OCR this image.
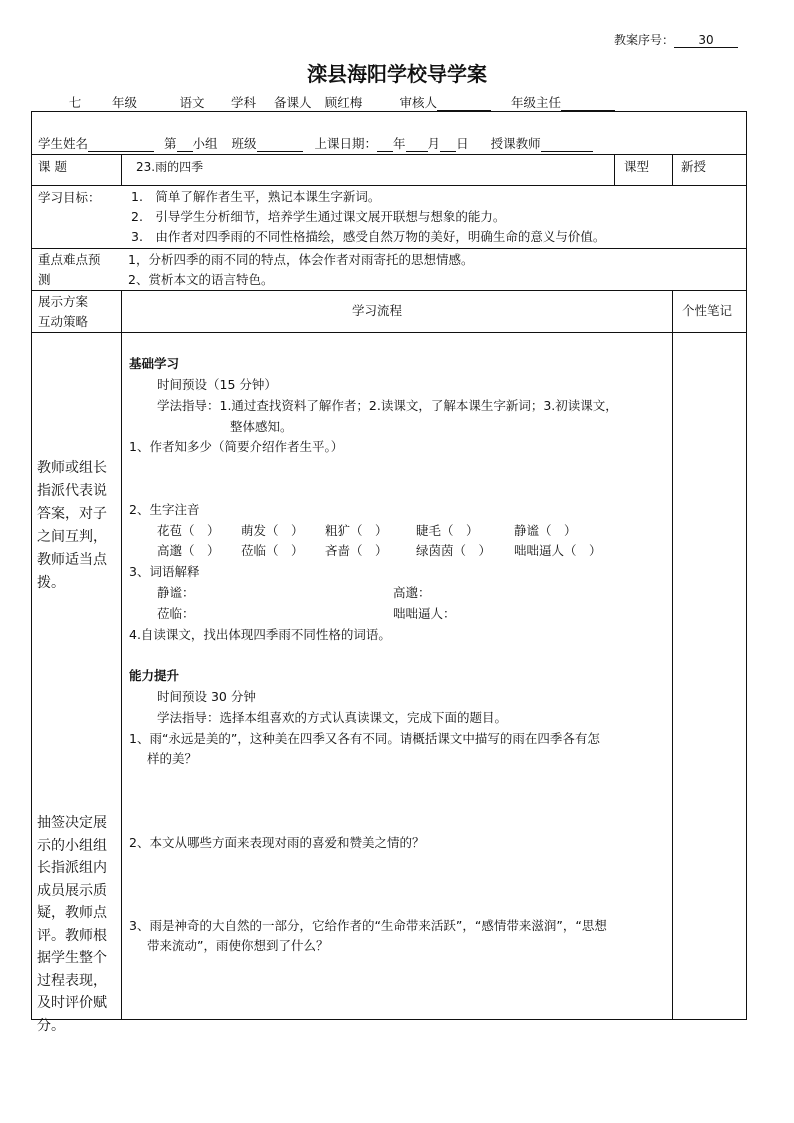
教案序号： 30
滦县海阳学校导学案
七 年级	语文 学科 备课人 顾红梅	审核人	年级主任
学生姓名	第 小组 班级	上课日期： 年 月 日 授课教师
课 题	23.雨的四季	课型	新授
学习目标： 1.　简单了解作者生平，熟记本课生字新词。
2.　引导学生分析细节，培养学生通过课文展开联想与想象的能力。
3.　由作者对四季雨的不同性格描绘，感受自然万物的美好，明确生命的意义与价值。
重点难点预
测
1，分析四季的雨不同的特点，体会作者对雨寄托的思想情感。
2、赏析本文的语言特色。
展示方案
互动策略
学习流程	个性笔记
教师或组长
指派代表说
答案，对子
之间互判，
教师适当点
拨。
抽签决定展
示的小组组
长指派组内
成员展示质
疑，教师点
评。教师根
据学生整个
过程表现，
及时评价赋
分。
基础学习
时间预设（15 分钟）
学法指导：1.通过查找资料了解作者；2.读课文，了解本课生字新词；3.初读课文，
整体感知。
1、作者知多少（简要介绍作者生平。）
2、生字注音
花苞（　） 萌发（　） 粗犷（　） 睫毛（　）	静谧（　）
高邈（　） 莅临（　） 吝啬（　） 绿茵茵（　） 咄咄逼人（　）
3、词语解释
静谧：	高邈：
莅临：	咄咄逼人：
4.自读课文，找出体现四季雨不同性格的词语。
能力提升
时间预设 30 分钟
学法指导：选择本组喜欢的方式认真读课文，完成下面的题目。
1、雨“永远是美的”，这种美在四季又各有不同。请概括课文中描写的雨在四季各有怎
样的美？
2、本文从哪些方面来表现对雨的喜爱和赞美之情的？
3、雨是神奇的大自然的一部分，它给作者的“生命带来活跃”，“感情带来滋润”，“思想
带来流动”，雨使你想到了什么？
